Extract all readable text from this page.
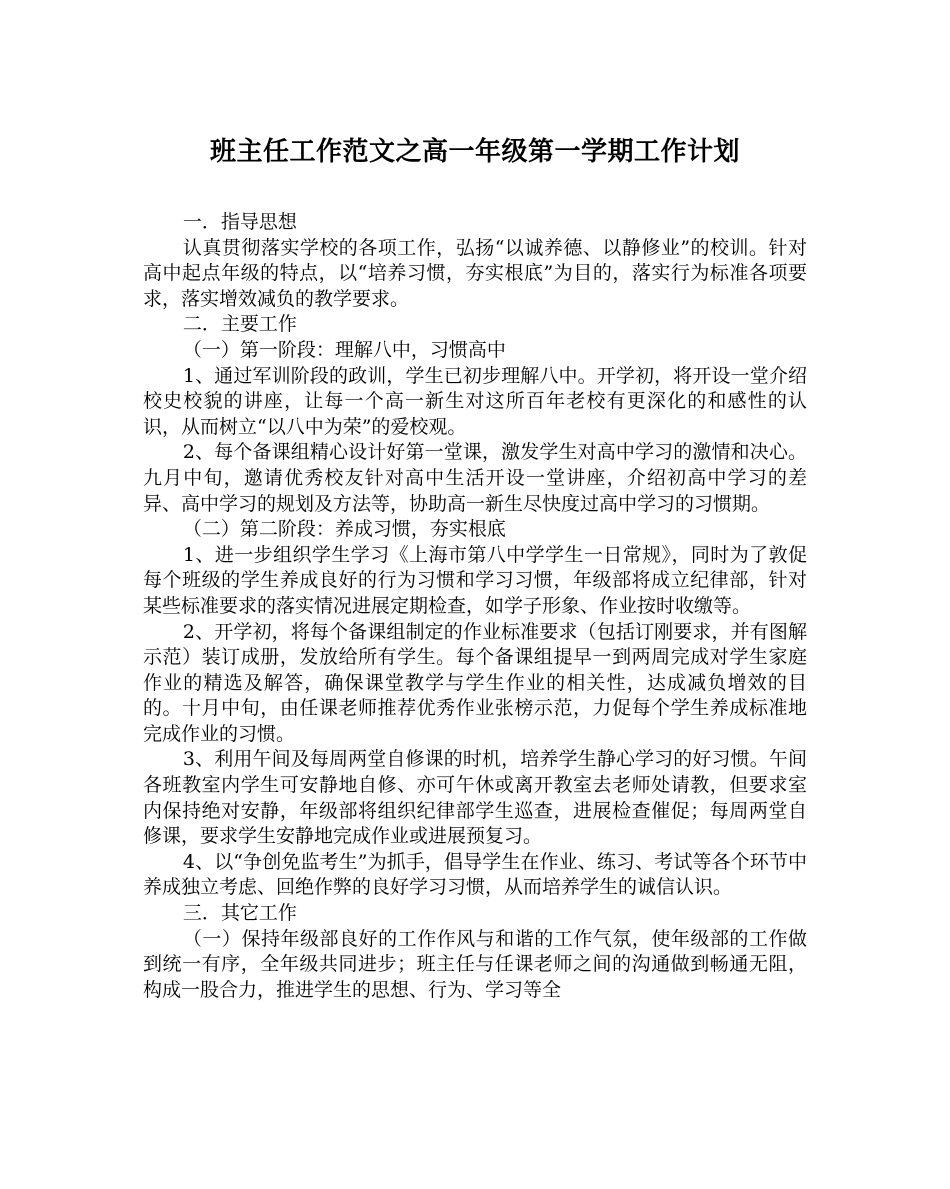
班主任工作范文之高一年级第一学期工作计划

一．指导思想

认真贯彻落实学校的各项工作，弘扬“以诚养德、以静修业”的校训。针对高中起点年级的特点，以“培养习惯，夯实根底”为目的，落实行为标准各项要求，落实增效减负的教学要求。

二．主要工作

（一）第一阶段：理解八中，习惯高中

1、通过军训阶段的政训，学生已初步理解八中。开学初，将开设一堂介绍校史校貌的讲座，让每一个高一新生对这所百年老校有更深化的和感性的认识，从而树立“以八中为荣”的爱校观。

2、每个备课组精心设计好第一堂课，激发学生对高中学习的激情和决心。九月中旬，邀请优秀校友针对高中生活开设一堂讲座，介绍初高中学习的差异、高中学习的规划及方法等，协助高一新生尽快度过高中学习的习惯期。

（二）第二阶段：养成习惯，夯实根底

1、进一步组织学生学习《上海市第八中学学生一日常规》，同时为了敦促每个班级的学生养成良好的行为习惯和学习习惯，年级部将成立纪律部，针对某些标准要求的落实情况进展定期检查，如学子形象、作业按时收缴等。

2、开学初，将每个备课组制定的作业标准要求（包括订刚要求，并有图解示范）装订成册，发放给所有学生。每个备课组提早一到两周完成对学生家庭作业的精选及解答，确保课堂教学与学生作业的相关性，达成减负增效的目的。十月中旬，由任课老师推荐优秀作业张榜示范，力促每个学生养成标准地完成作业的习惯。

3、利用午间及每周两堂自修课的时机，培养学生静心学习的好习惯。午间各班教室内学生可安静地自修、亦可午休或离开教室去老师处请教，但要求室内保持绝对安静，年级部将组织纪律部学生巡查，进展检查催促；每周两堂自修课，要求学生安静地完成作业或进展预复习。

4、以“争创免监考生”为抓手，倡导学生在作业、练习、考试等各个环节中养成独立考虑、回绝作弊的良好学习习惯，从而培养学生的诚信认识。

三．其它工作

（一）保持年级部良好的工作作风与和谐的工作气氛，使年级部的工作做到统一有序，全年级共同进步；班主任与任课老师之间的沟通做到畅通无阻，构成一股合力，推进学生的思想、行为、学习等全
